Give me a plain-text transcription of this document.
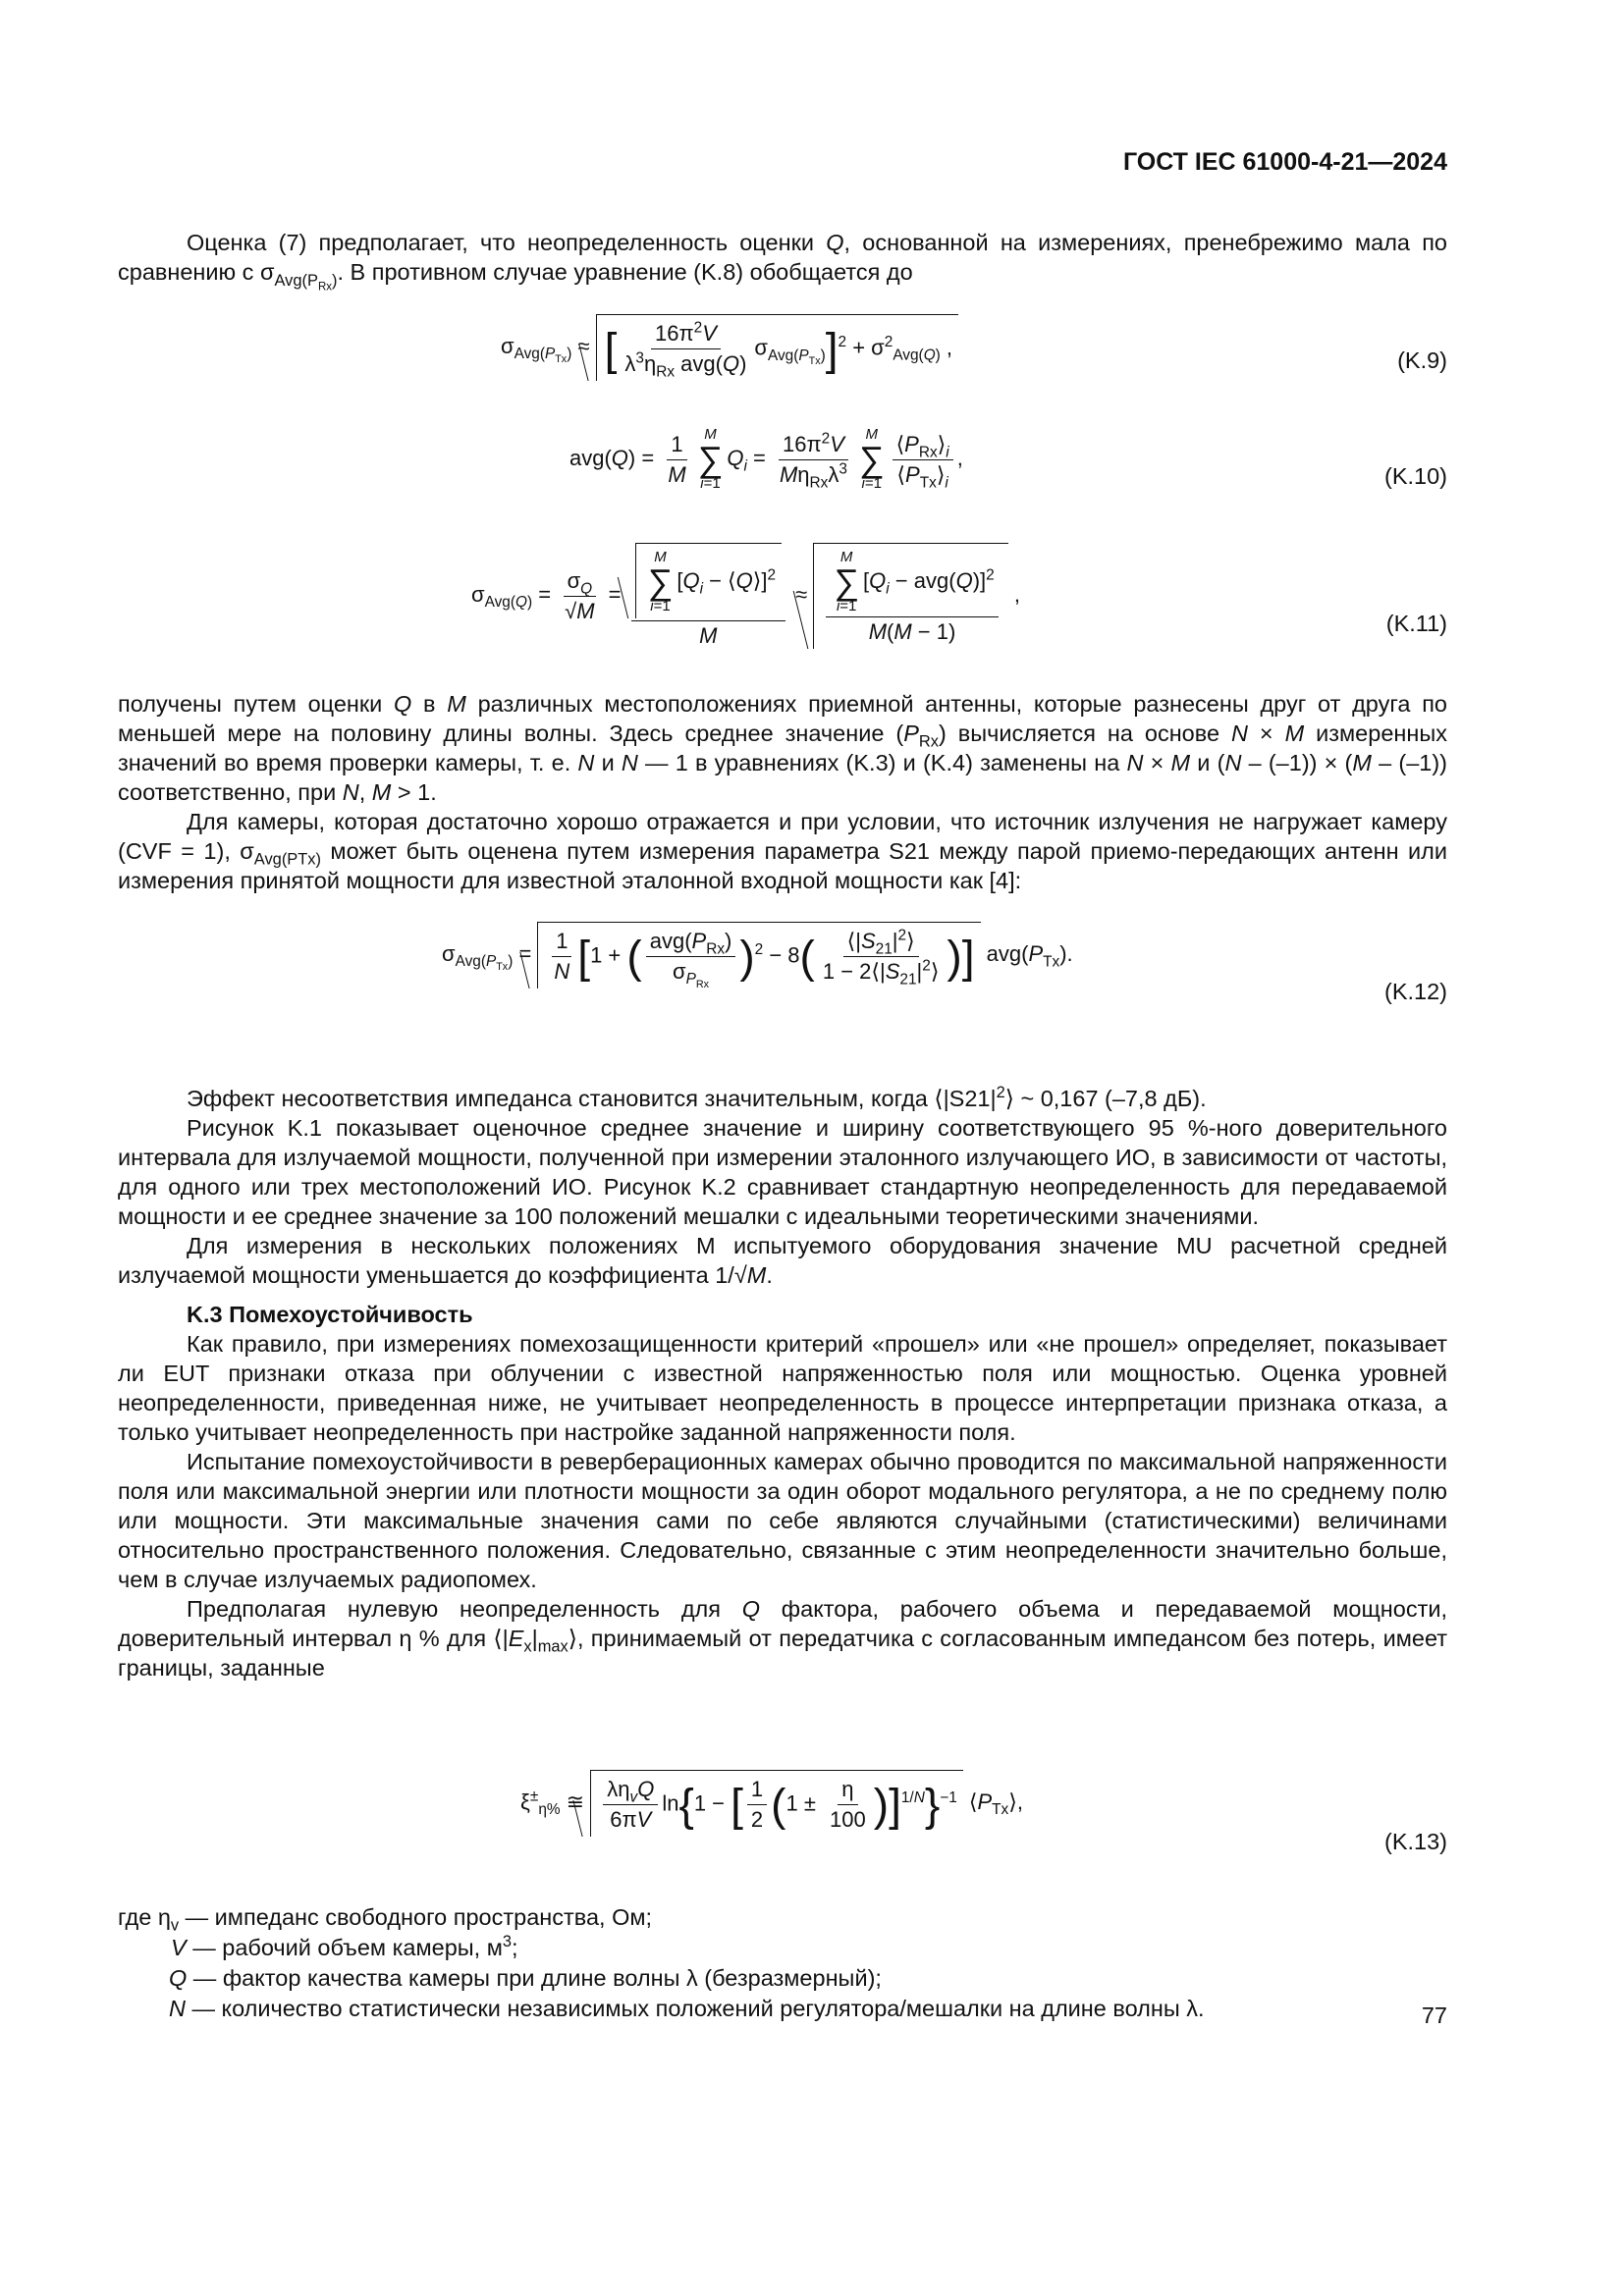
ГОСТ IEC 61000-4-21—2024

Оценка (7) предполагает, что неопределенность оценки Q, основанной на измерениях, пренебрежимо мала по сравнению с $\sigma_{Avg(P_{Rx})}$. В противном случае уравнение (K.8) обобщается до

$\sigma_{Avg(P_{Tx})}$ ≈ [ $\frac{16\pi^2V}{\lambda^3\eta_{Rx} avg(Q)} \sigma_{Avg(P_{Tx})}]^2 + \sigma^2_{Avg(Q)}$ ,
(K.9)
$avg(Q) = \frac{1}{M}$ M
∑
i=1
$Q_i = \frac{16\pi^2V}{M\eta_{Rx}\lambda^3}$ M
∑
$i=1 \frac{⟨P_{Rx}⟩_i}{⟨P_{Tx}⟩_i}$ ,
(K.10)
$\sigma_{Avg(Q)} = \frac{\sigma_Q}{√M} = M$
∑
i=1
[$Q_i$ − ⟨Q⟩]$^2$
M ≈ M
∑
i=1
$[Q_i - avg(Q)]^2$
M(M − 1) ,
(K.11)

получены путем оценки Q в M различных местоположениях приемной антенны, которые разнесены друг от друга по меньшей мере на половину длины волны. Здесь среднее значение $(P_{Rx})$ вычисляется на основе N × M измеренных значений во время проверки камеры, т. е. N и N — 1 в уравнениях (K.3) и (K.4) заменены на N × M и (N – (–1)) × (M – (–1)) соответственно, при N, M > 1.

Для камеры, которая достаточно хорошо отражается и при условии, что источник излучения не нагружает камеру (CVF = 1), $\sigma_{Avg(PTx)}$ может быть оценена путем измерения параметра S21 между парой приемо-передающих антенн или измерения принятой мощности для известной эталонной входной мощности как [4]:

$\sigma_{Avg(P_{Tx})} = \frac{1}{N} [1$ + ( $\frac{avg(P_{Rx})}{\sigma_{P_{Rx}}} )^2 - 8( \frac{⟨|S_{21}|^2⟩}{1 - 2⟨|S_{21}|^2⟩}$ )] $avg(P_{Tx})$.
(K.12)

Эффект несоответствия импеданса становится значительным, когда $⟨|S21|^2⟩$ ~ 0,167 (–7,8 дБ).

Рисунок K.1 показывает оценочное среднее значение и ширину соответствующего 95 %-ного доверительного интервала для излучаемой мощности, полученной при измерении эталонного излучающего ИО, в зависимости от частоты, для одного или трех местоположений ИО. Рисунок K.2 сравнивает стандартную неопределенность для передаваемой мощности и ее среднее значение за 100 положений мешалки с идеальными теоретическими значениями.

Для измерения в нескольких положениях M испытуемого оборудования значение MU расчетной средней излучаемой мощности уменьшается до коэффициента 1/√M.

K.3 Помехоустойчивость

Как правило, при измерениях помехозащищенности критерий «прошел» или «не прошел» определяет, показывает ли EUT признаки отказа при облучении с известной напряженностью поля или мощностью. Оценка уровней неопределенности, приведенная ниже, не учитывает неопределенность в процессе интерпретации признака отказа, а только учитывает неопределенность при настройке заданной напряженности поля.

Испытание помехоустойчивости в реверберационных камерах обычно проводится по максимальной напряженности поля или максимальной энергии или плотности мощности за один оборот модального регулятора, а не по среднему полю или мощности. Эти максимальные значения сами по себе являются случайными (статистическими) величинами относительно пространственного положения. Следовательно, связанные с этим неопределенности значительно больше, чем в случае излучаемых радиопомех.

Предполагая нулевую неопределенность для Q фактора, рабочего объема и передаваемой мощности, доверительный интервал η % для $⟨|E_x|_{max}⟩$, принимаемый от передатчика с согласованным импедансом без потерь, имеет границы, заданные

$\xi^\pm_{\eta\%}$ ≅ $\frac{\lambda\eta_vQ}{6\pi V} \ln\{1$ − [ $\frac{1}{2} (1 \pm \frac{\eta}{100} )]^{1/N}\}^{-1}$ $⟨P_{Tx}⟩$,
(K.13)
где $\eta_v$ — импеданс свободного пространства, Ом;
V — рабочий объем камеры, $м^3$;
Q — фактор качества камеры при длине волны λ (безразмерный);
N — количество статистически независимых положений регулятора/мешалки на длине волны λ.	77
